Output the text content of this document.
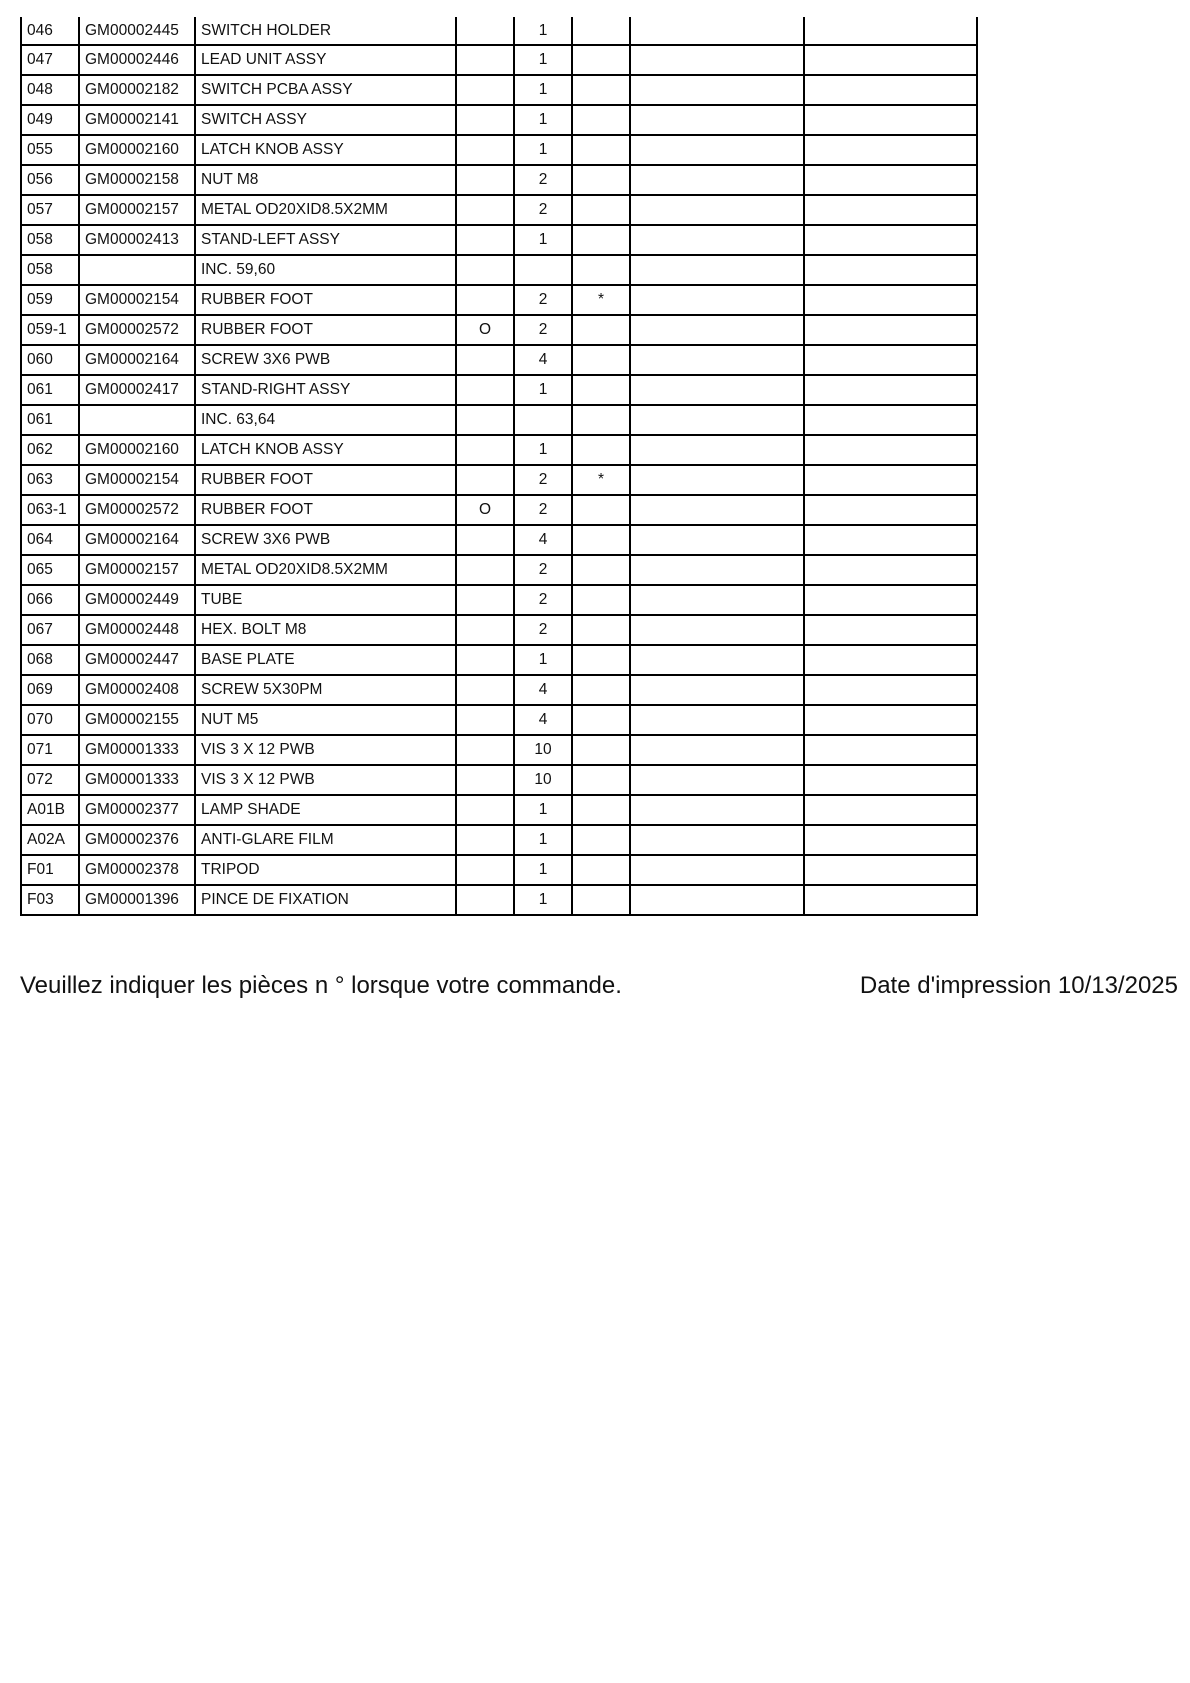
046	GM00002445	SWITCH HOLDER		1			
047	GM00002446	LEAD UNIT ASSY		1			
048	GM00002182	SWITCH PCBA ASSY		1			
049	GM00002141	SWITCH ASSY		1			
055	GM00002160	LATCH KNOB ASSY		1			
056	GM00002158	NUT M8		2			
057	GM00002157	METAL OD20XID8.5X2MM		2			
058	GM00002413	STAND-LEFT ASSY		1			
058		INC. 59,60					
059	GM00002154	RUBBER FOOT		2	*		
059-1	GM00002572	RUBBER FOOT	O	2			
060	GM00002164	SCREW 3X6 PWB		4			
061	GM00002417	STAND-RIGHT ASSY		1			
061		INC. 63,64					
062	GM00002160	LATCH KNOB ASSY		1			
063	GM00002154	RUBBER FOOT		2	*		
063-1	GM00002572	RUBBER FOOT	O	2			
064	GM00002164	SCREW 3X6 PWB		4			
065	GM00002157	METAL OD20XID8.5X2MM		2			
066	GM00002449	TUBE		2			
067	GM00002448	HEX. BOLT M8		2			
068	GM00002447	BASE PLATE		1			
069	GM00002408	SCREW 5X30PM		4			
070	GM00002155	NUT M5		4			
071	GM00001333	VIS 3 X 12 PWB		10			
072	GM00001333	VIS 3 X 12 PWB		10			
A01B	GM00002377	LAMP SHADE		1			
A02A	GM00002376	ANTI-GLARE FILM		1			
F01	GM00002378	TRIPOD		1			
F03	GM00001396	PINCE DE FIXATION		1			
Veuillez indiquer les pièces n ° lorsque votre commande.	Date d'impression 10/13/2025
